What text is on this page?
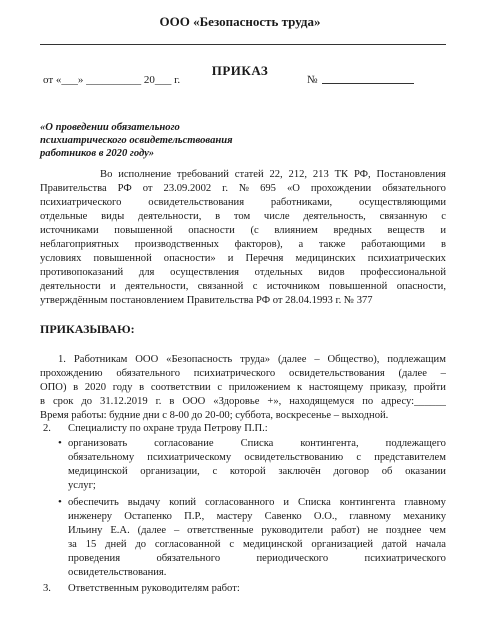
ООО «Безопасность труда»
ПРИКАЗ
от «___» __________ 20___ г.	№
«О проведении обязательного
психиатрического освидетельствования
работников в 2020 году»
Во исполнение требований статей 22, 212, 213 ТК РФ, Постановления
Правительства РФ от 23.09.2002 г. № 695 «О прохождении обязательного
психиатрического	освидетельствования	работниками,	осуществляющими
отдельные виды деятельности, в том числе деятельность, связанную с
источниками повышенной опасности (с влиянием вредных веществ и
неблагоприятных производственных факторов), а также работающими в
условиях повышенной опасности» и Перечня медицинских психиатрических
противопоказаний для осуществления отдельных видов профессиональной
деятельности и деятельности, связанной с источником повышенной опасности,
утверждённым постановлением Правительства РФ от 28.04.1993 г. № 377
ПРИКАЗЫВАЮ:
1. Работникам ООО «Безопасность труда» (далее – Общество), подлежащим
прохождению обязательного психиатрического освидетельствования (далее –
ОПО) в 2020 году в соответствии с приложением к настоящему приказу, пройти
в срок до 31.12.2019 г. в ООО «Здоровье +», находящемуся по адресу:______
Время работы: будние дни с 8-00 до 20-00; суббота, воскресенье – выходной.
2. Специалисту по охране труда Петрову П.П.:
• организовать	согласование	Списка	контингента,	подлежащего
обязательному психиатрическому освидетельствованию с представителем
медицинской организации, с которой заключён договор об оказании
услуг;
• обеспечить выдачу копий согласованного и Списка контингента главному
инженеру Остапенко П.Р., мастеру Савенко О.О., главному механику
Ильину Е.А. (далее – ответственные руководители работ) не позднее чем
за 15 дней до согласованной с медицинской организацией датой начала
проведения	обязательного	периодического	психиатрического
освидетельствования.
3. Ответственным руководителям работ:
